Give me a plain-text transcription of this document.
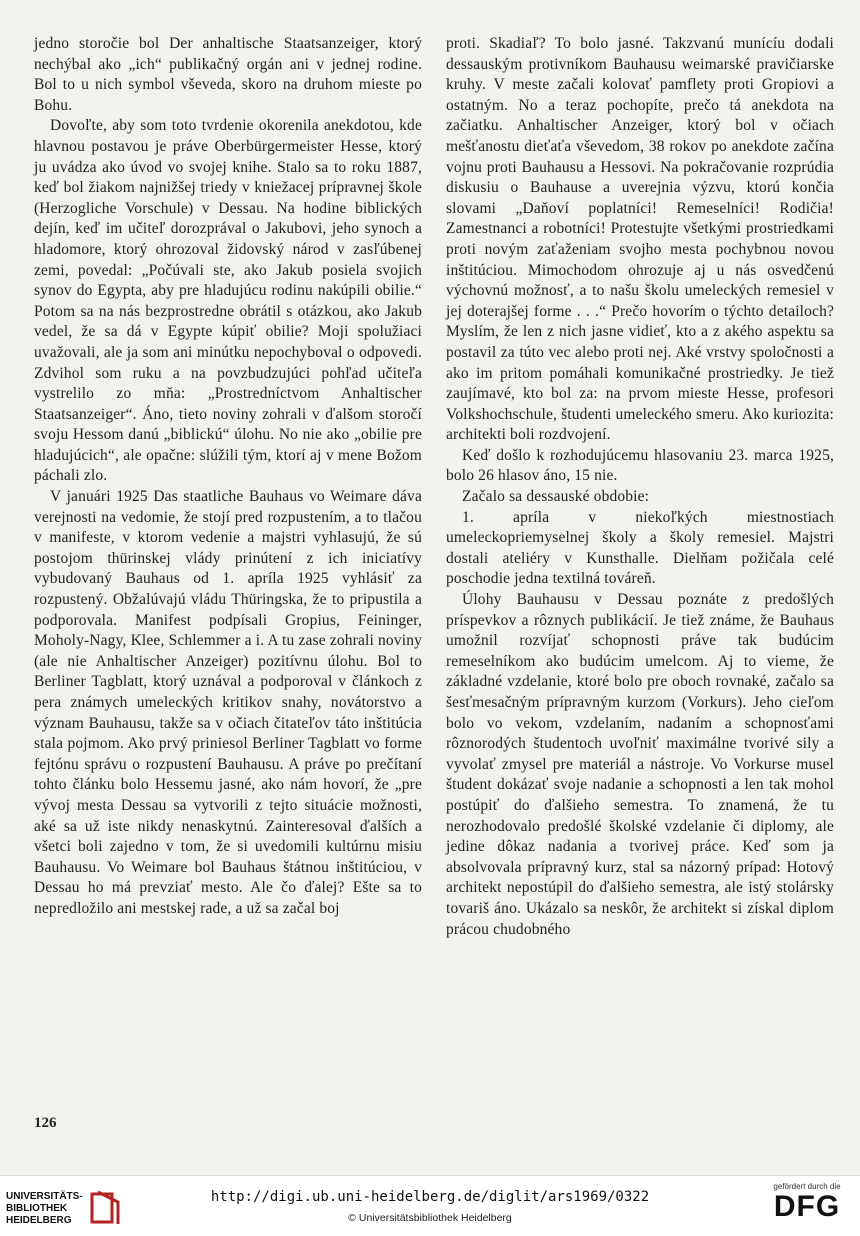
jedno storočie bol Der anhaltische Staatsanzeiger, ktorý nechýbal ako „ich“ publikačný orgán ani v jednej rodine. Bol to u nich symbol vševeda, skoro na druhom mieste po Bohu.

Dovoľte, aby som toto tvrdenie okorenila anekdotou, kde hlavnou postavou je práve Oberbürgermeister Hesse, ktorý ju uvádza ako úvod vo svojej knihe. Stalo sa to roku 1887, keď bol žiakom najnižšej triedy v kniežacej prípravnej škole (Herzogliche Vorschule) v Dessau. Na hodine biblických dejín, keď im učiteľ dorozprával o Jakubovi, jeho synoch a hladomore, ktorý ohrozoval židovský národ v zasľúbenej zemi, povedal: „Počúvali ste, ako Jakub posiela svojich synov do Egypta, aby pre hladujúcu rodinu nakúpili obilie.“ Potom sa na nás bezprostredne obrátil s otázkou, ako Jakub vedel, že sa dá v Egypte kúpiť obilie? Moji spolužiaci uvažovali, ale ja som ani minútku nepochyboval o odpovedi. Zdvihol som ruku a na povzbudzujúci pohľad učiteľa vystrelilo zo mňa: „Prostredníctvom Anhaltischer Staatsanzeiger“. Áno, tieto noviny zohrali v ďalšom storočí svoju Hessom danú „biblickú“ úlohu. No nie ako „obilie pre hladujúcich“, ale opačne: slúžili tým, ktorí aj v mene Božom páchali zlo.

V januári 1925 Das staatliche Bauhaus vo Weimare dáva verejnosti na vedomie, že stojí pred rozpustením, a to tlačou v manifeste, v ktorom vedenie a majstri vyhlasujú, že sú postojom thürinskej vlády prinútení z ich iniciatívy vybudovaný Bauhaus od 1. apríla 1925 vyhlásiť za rozpustený. Obžalúvajú vládu Thüringska, že to pripustila a podporovala. Manifest podpísali Gropius, Feininger, Moholy-Nagy, Klee, Schlemmer a i. A tu zase zohrali noviny (ale nie Anhaltischer Anzeiger) pozitívnu úlohu. Bol to Berliner Tagblatt, ktorý uznával a podporoval v článkoch z pera známych umeleckých kritikov snahy, novátorstvo a význam Bauhausu, takže sa v očiach čitateľov táto inštitúcia stala pojmom. Ako prvý priniesol Berliner Tagblatt vo forme fejtónu správu o rozpustení Bauhausu. A práve po prečítaní tohto článku bolo Hessemu jasné, ako nám hovorí, že „pre vývoj mesta Dessau sa vytvorili z tejto situácie možnosti, aké sa už iste nikdy nenaskytnú. Zainteresoval ďalších a všetci boli zajedno v tom, že si uvedomili kultúrnu misiu Bauhausu. Vo Weimare bol Bauhaus štátnou inštitúciou, v Dessau ho má prevziať mesto. Ale čo ďalej? Ešte sa to nepredložilo ani mestskej rade, a už sa začal boj

proti. Skadiaľ? To bolo jasné. Takzvanú munícíu dodali dessauským protivníkom Bauhausu weimarské pravičiarske kruhy. V meste začali kolovať pamflety proti Gropiovi a ostatným. No a teraz pochopíte, prečo tá anekdota na začiatku. Anhaltischer Anzeiger, ktorý bol v očiach mešťanostu dieťaťa vševedom, 38 rokov po anekdote začína vojnu proti Bauhausu a Hessovi. Na pokračovanie rozprúdia diskusiu o Bauhause a uverejnia výzvu, ktorú končia slovami „Daňoví poplatníci! Remeselníci! Rodičia! Zamestnanci a robotníci! Protestujte všetkými prostriedkami proti novým zaťaženiam svojho mesta pochybnou novou inštitúciou. Mimochodom ohrozuje aj u nás osvedčenú výchovnú možnosť, a to našu školu umeleckých remesiel v jej doterajšej forme . . .“ Prečo hovorím o týchto detailoch? Myslím, že len z nich jasne vidieť, kto a z akého aspektu sa postavil za túto vec alebo proti nej. Aké vrstvy spoločnosti a ako im pritom pomáhali komunikačné prostriedky. Je tiež zaujímavé, kto bol za: na prvom mieste Hesse, profesori Volkshochschule, študenti umeleckého smeru. Ako kuriozita: architekti boli rozdvojení.

Keď došlo k rozhodujúcemu hlasovaniu 23. marca 1925, bolo 26 hlasov áno, 15 nie.

Začalo sa dessauské obdobie:

1. apríla v niekoľkých miestnostiach umeleckopriemyselnej školy a školy remesiel. Majstri dostali ateliéry v Kunsthalle. Dielňam požičala celé poschodie jedna textilná továreň.

Úlohy Bauhausu v Dessau poznáte z predošlých príspevkov a rôznych publikácií. Je tiež známe, že Bauhaus umožnil rozvíjať schopnosti práve tak budúcim remeselníkom ako budúcim umelcom. Aj to vieme, že základné vzdelanie, ktoré bolo pre oboch rovnaké, začalo sa šesťmesačným prípravným kurzom (Vorkurs). Jeho cieľom bolo vo vekom, vzdelaním, nadaním a schopnosťami rôznorodých študentoch uvoľniť maximálne tvorivé sily a vyvolať zmysel pre materiál a nástroje. Vo Vorkurse musel študent dokázať svoje nadanie a schopnosti a len tak mohol postúpiť do ďalšieho semestra. To znamená, že tu nerozhodovalo predošlé školské vzdelanie či diplomy, ale jedine dôkaz nadania a tvorivej práce. Keď som ja absolvovala prípravný kurz, stal sa názorný prípad: Hotový architekt nepostúpil do ďalšieho semestra, ale istý stolársky tovariš áno. Ukázalo sa neskôr, že architekt si získal diplom prácou chudobného

126
UNIVERSITÄTS-
BIBLIOTHEK
HEIDELBERG
http://digi.ub.uni-heidelberg.de/diglit/ars1969/0322
© Universitätsbibliothek Heidelberg
gefördert durch die
DFG
